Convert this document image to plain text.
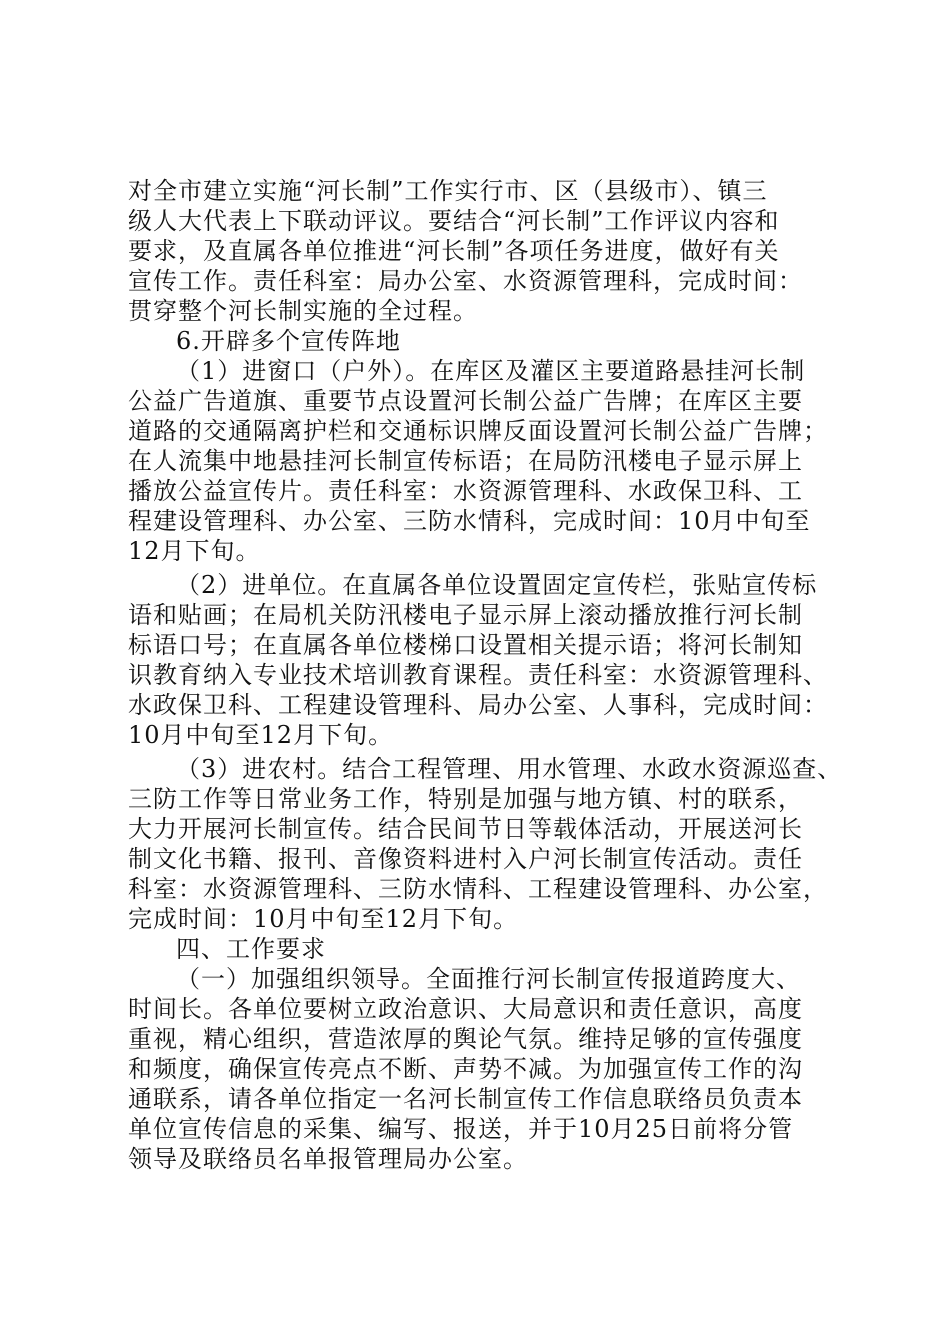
对全市建立实施“河长制”工作实行市、区（县级市）、镇三
级人大代表上下联动评议。要结合“河长制”工作评议内容和
要求，及直属各单位推进“河长制”各项任务进度，做好有关
宣传工作。责任科室：局办公室、水资源管理科，完成时间：
贯穿整个河长制实施的全过程。
6.开辟多个宣传阵地
（1）进窗口（户外）。在库区及灌区主要道路悬挂河长制
公益广告道旗、重要节点设置河长制公益广告牌；在库区主要
道路的交通隔离护栏和交通标识牌反面设置河长制公益广告牌；
在人流集中地悬挂河长制宣传标语；在局防汛楼电子显示屏上
播放公益宣传片。责任科室：水资源管理科、水政保卫科、工
程建设管理科、办公室、三防水情科，完成时间：10月中旬至
12月下旬。
（2）进单位。在直属各单位设置固定宣传栏，张贴宣传标
语和贴画；在局机关防汛楼电子显示屏上滚动播放推行河长制
标语口号；在直属各单位楼梯口设置相关提示语；将河长制知
识教育纳入专业技术培训教育课程。责任科室：水资源管理科、
水政保卫科、工程建设管理科、局办公室、人事科，完成时间：
10月中旬至12月下旬。
（3）进农村。结合工程管理、用水管理、水政水资源巡查、
三防工作等日常业务工作，特别是加强与地方镇、村的联系，
大力开展河长制宣传。结合民间节日等载体活动，开展送河长
制文化书籍、报刊、音像资料进村入户河长制宣传活动。责任
科室：水资源管理科、三防水情科、工程建设管理科、办公室，
完成时间：10月中旬至12月下旬。
四、工作要求
（一）加强组织领导。全面推行河长制宣传报道跨度大、
时间长。各单位要树立政治意识、大局意识和责任意识，高度
重视，精心组织，营造浓厚的舆论气氛。维持足够的宣传强度
和频度，确保宣传亮点不断、声势不减。为加强宣传工作的沟
通联系，请各单位指定一名河长制宣传工作信息联络员负责本
单位宣传信息的采集、编写、报送，并于10月25日前将分管
领导及联络员名单报管理局办公室。
